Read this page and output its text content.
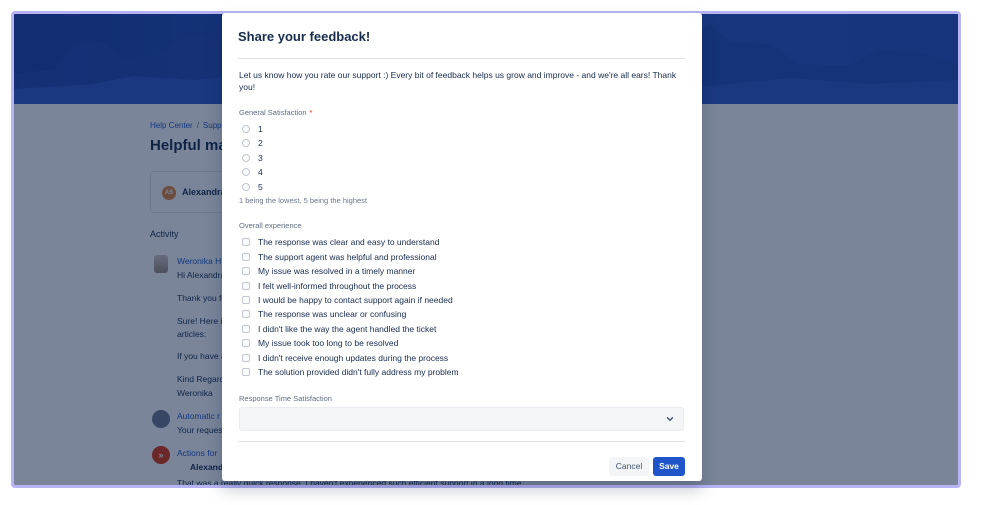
Share your feedback!
Let us know how you rate our support :) Every bit of feedback helps us grow and improve - and we're all ears! Thank you!
General Satisfaction *
1
2
3
4
5
1 being the lowest, 5 being the highest
Overall experience
The response was clear and easy to understand
The support agent was helpful and professional
My issue was resolved in a timely manner
I felt well-informed throughout the process
I would be happy to contact support again if needed
The response was unclear or confusing
I didn't like the way the agent handled the ticket
My issue took too long to be resolved
I didn't receive enough updates during the process
The solution provided didn't fully address my problem
Response Time Satisfaction
Cancel	Save
